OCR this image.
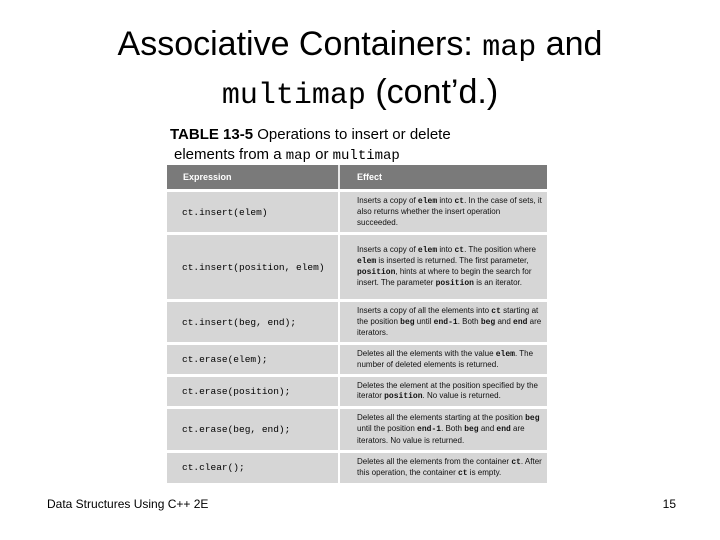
Associative Containers: map and
multimap (cont’d.)
TABLE 13-5 Operations to insert or delete
elements from a map or multimap
Expression	Effect
ct.insert(elem)	Inserts a copy of elem into ct. In the case of sets, it also returns whether the insert operation succeeded.
ct.insert(position, elem)	Inserts a copy of elem into ct. The position where elem is inserted is returned. The first parameter, position, hints at where to begin the search for insert. The parameter position is an iterator.
ct.insert(beg, end);	Inserts a copy of all the elements into ct starting at the position beg until end-1. Both beg and end are iterators.
ct.erase(elem);	Deletes all the elements with the value elem. The number of deleted elements is returned.
ct.erase(position);	Deletes the element at the position specified by the iterator position. No value is returned.
ct.erase(beg, end);	Deletes all the elements starting at the position beg until the position end-1. Both beg and end are iterators. No value is returned.
ct.clear();	Deletes all the elements from the container ct. After this operation, the container ct is empty.
Data Structures Using C++ 2E	15
